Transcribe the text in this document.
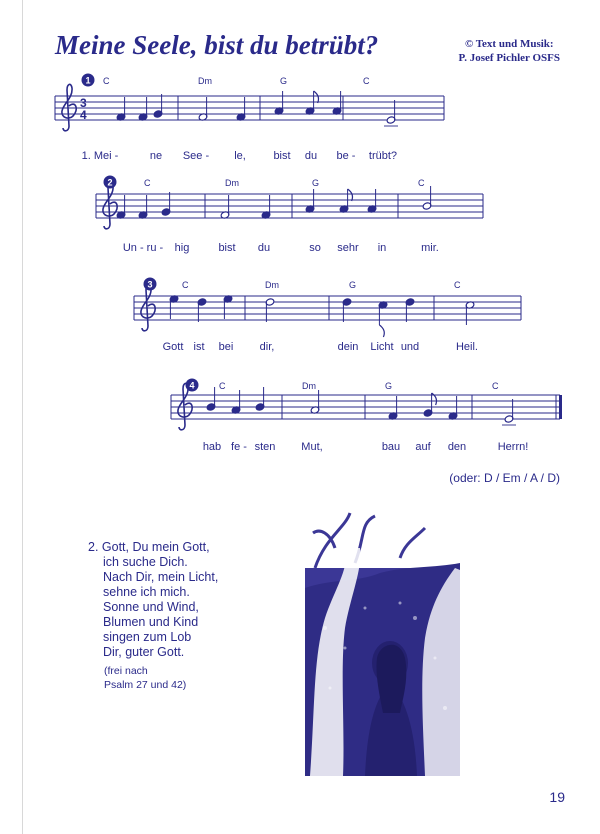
Meine Seele, bist du betrübt?	© Text und Musik:
P. Josef Pichler OSFS
3
4
1 C	Dm	G	C
1. Mei -	ne See - le,	bist du be - trübt?
2	C	Dm	G	C
Un - ru - hig	bist du	so sehr in	mir.
3	C	Dm	G	C
Gott ist bei dir,	dein Licht und	Heil.
4	C	Dm	G	C
hab fe - sten Mut,	bau auf den	Herrn!
(oder: D / Em / A / D)
2. Gott, Du mein Gott,
ich suche Dich.
Nach Dir, mein Licht,
sehne ich mich.
Sonne und Wind,
Blumen und Kind
singen zum Lob
Dir, guter Gott.
(frei nach
Psalm 27 und 42)
19
